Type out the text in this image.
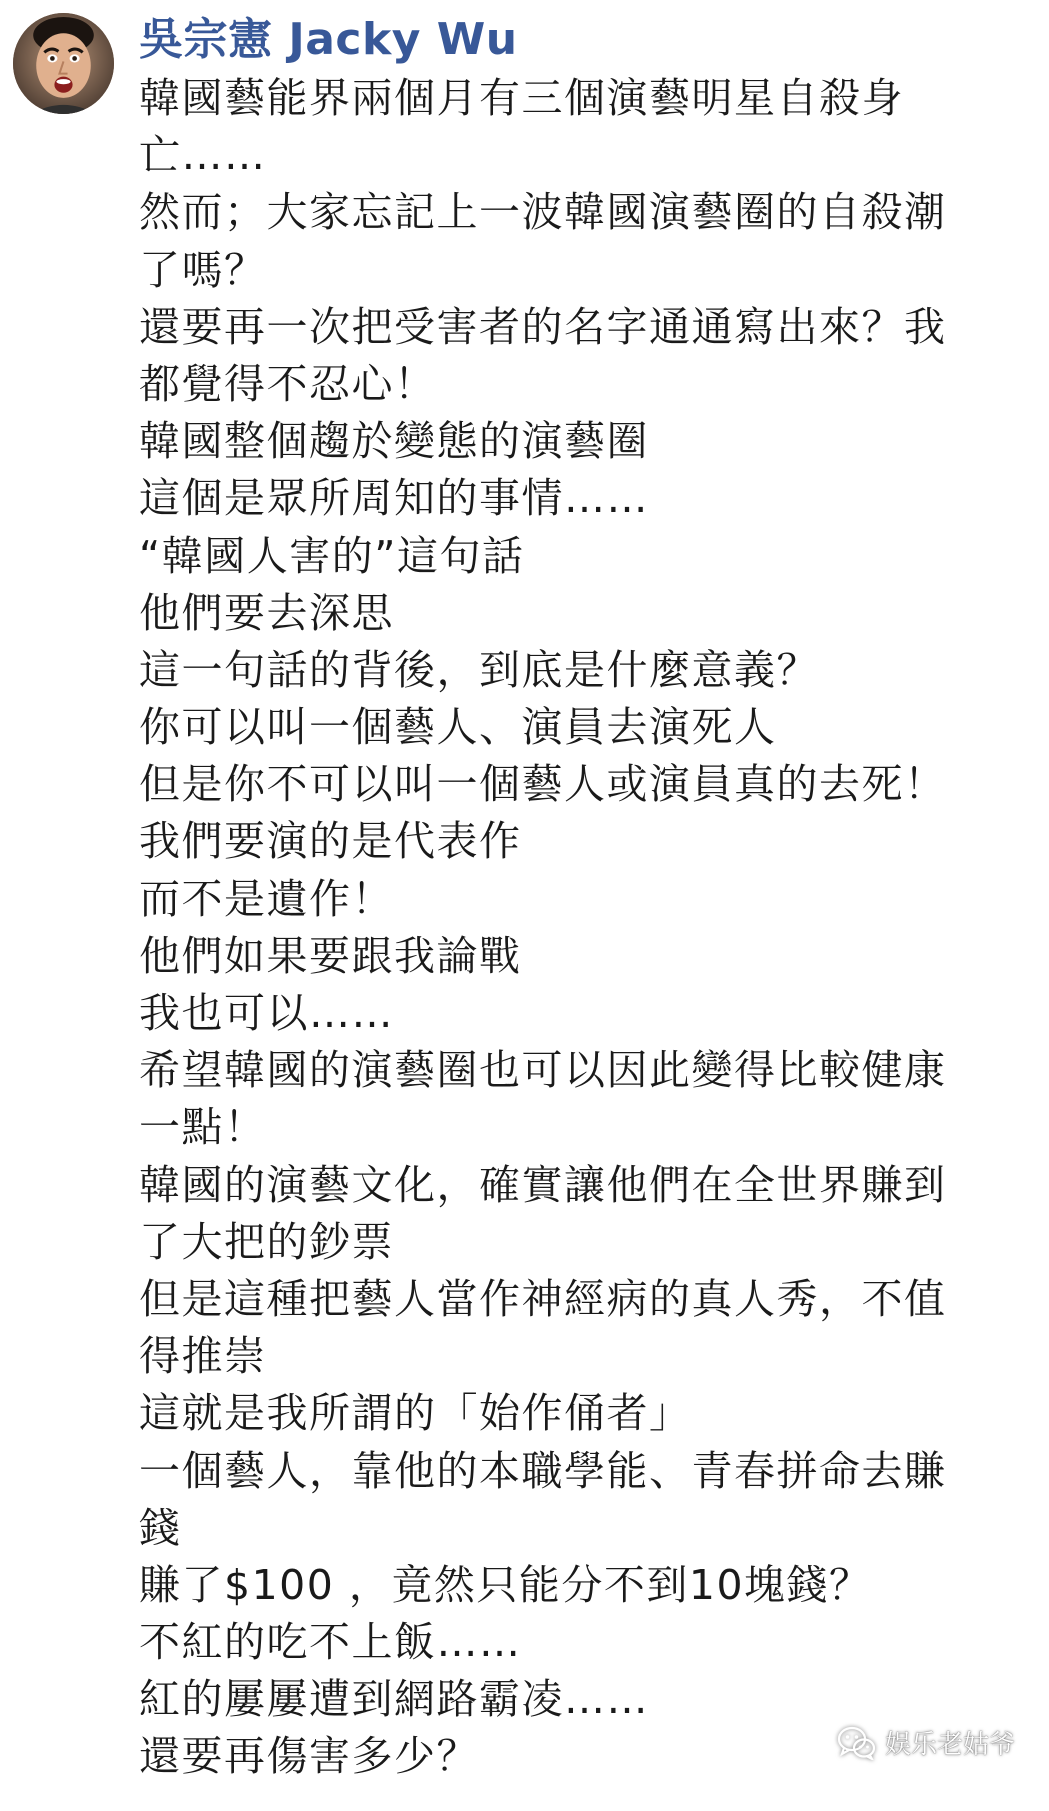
吳宗憲 Jacky Wu
韓國藝能界兩個月有三個演藝明星自殺身
亡……
然而；大家忘記上一波韓國演藝圈的自殺潮
了嗎？
還要再一次把受害者的名字通通寫出來？我
都覺得不忍心！
韓國整個趨於變態的演藝圈
這個是眾所周知的事情……
“韓國人害的”這句話
他們要去深思
這一句話的背後，到底是什麼意義？
你可以叫一個藝人、演員去演死人
但是你不可以叫一個藝人或演員真的去死！
我們要演的是代表作
而不是遺作！
他們如果要跟我論戰
我也可以……
希望韓國的演藝圈也可以因此變得比較健康
一點！
韓國的演藝文化，確實讓他們在全世界賺到
了大把的鈔票
但是這種把藝人當作神經病的真人秀，不值
得推崇
這就是我所謂的「始作俑者」
一個藝人，靠他的本職學能、青春拼命去賺
錢
賺了$100 ，竟然只能分不到10塊錢？
不紅的吃不上飯……
紅的屢屢遭到網路霸凌……
還要再傷害多少？	娱乐老姑爷
